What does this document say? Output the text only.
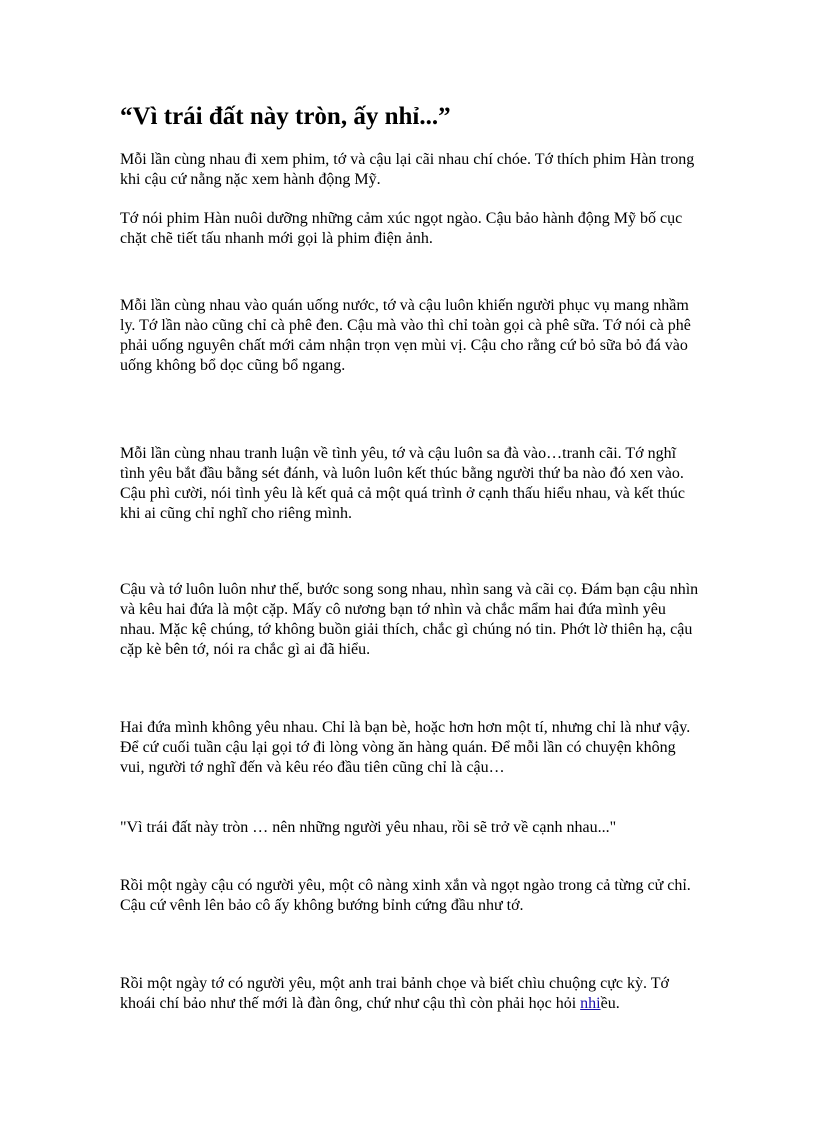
“Vì trái đất này tròn, ấy nhỉ...”

Mỗi lần cùng nhau đi xem phim, tớ và cậu lại cãi nhau chí chóe. Tớ thích phim Hàn trong khi cậu cứ nằng nặc xem hành động Mỹ.

Tớ nói phim Hàn nuôi dưỡng những cảm xúc ngọt ngào. Cậu bảo hành động Mỹ bố cục chặt chẽ tiết tấu nhanh mới gọi là phim điện ảnh.

Mỗi lần cùng nhau vào quán uống nước, tớ và cậu luôn khiến người phục vụ mang nhầm ly. Tớ lần nào cũng chỉ cà phê đen. Cậu mà vào thì chỉ toàn gọi cà phê sữa. Tớ nói cà phê phải uống nguyên chất mới cảm nhận trọn vẹn mùi vị. Cậu cho rằng cứ bỏ sữa bỏ đá vào uống không bổ dọc cũng bổ ngang.

Mỗi lần cùng nhau tranh luận về tình yêu, tớ và cậu luôn sa đà vào…tranh cãi. Tớ nghĩ tình yêu bắt đầu bằng sét đánh, và luôn luôn kết thúc bằng người thứ ba nào đó xen vào. Cậu phì cười, nói tình yêu là kết quả cả một quá trình ở cạnh thấu hiểu nhau, và kết thúc khi ai cũng chỉ nghĩ cho riêng mình.

Cậu và tớ luôn luôn như thế, bước song song nhau, nhìn sang và cãi cọ. Đám bạn cậu nhìn và kêu hai đứa là một cặp. Mấy cô nương bạn tớ nhìn và chắc mẩm hai đứa mình yêu nhau. Mặc kệ chúng, tớ không buồn giải thích, chắc gì chúng nó tin. Phớt lờ thiên hạ, cậu cặp kè bên tớ, nói ra chắc gì ai đã hiểu.

Hai đứa mình không yêu nhau. Chỉ là bạn bè, hoặc hơn hơn một tí, nhưng chỉ là như vậy. Để cứ cuối tuần cậu lại gọi tớ đi lòng vòng ăn hàng quán. Để mỗi lần có chuyện không vui, người tớ nghĩ đến và kêu réo đầu tiên cũng chỉ là cậu…

"Vì trái đất này tròn … nên những người yêu nhau, rồi sẽ trở về cạnh nhau..."

Rồi một ngày cậu có người yêu, một cô nàng xinh xắn và ngọt ngào trong cả từng cử chỉ. Cậu cứ vênh lên bảo cô ấy không bướng bỉnh cứng đầu như tớ.

Rồi một ngày tớ có người yêu, một anh trai bảnh chọe và biết chìu chuộng cực kỳ. Tớ khoái chí bảo như thế mới là đàn ông, chứ như cậu thì còn phải học hỏi nhiều.
